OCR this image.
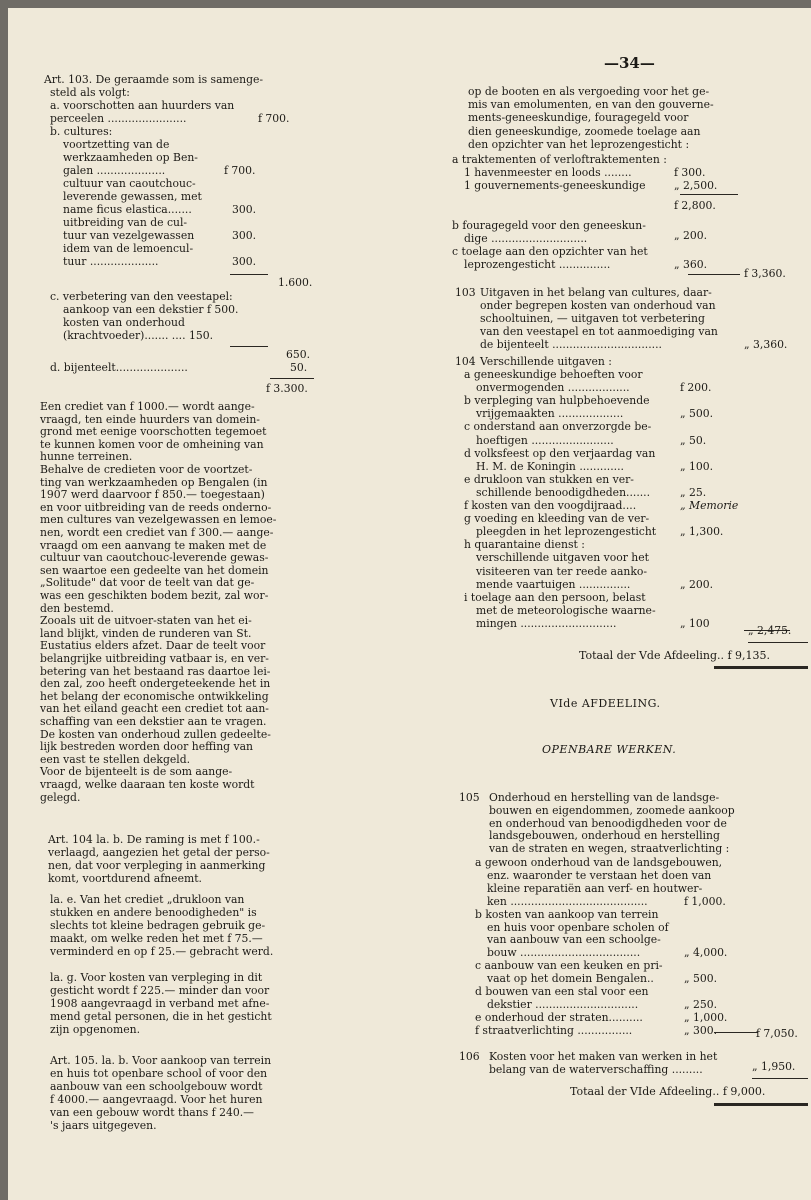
—34—
Art. 103. De geraamde som is samenge-
steld als volgt:
a. voorschotten aan huurders van
perceelen .......................	f 700.
b. cultures:
voortzetting van de
werkzaamheden op Ben-
galen ....................	f 700.
cultuur van caoutchouc-
leverende gewassen, met
name ficus elastica.......	300.
uitbreiding van de cul-
tuur van vezelgewassen	300.
idem van de lemoencul-
tuur ....................	300.
1.600.
c. verbetering van den veestapel:
aankoop van een dekstier f 500.
kosten van onderhoud
(krachtvoeder)....... .... 150.
650.
d. bijenteelt.....................	50.
f 3.300.
Een crediet van f 1000.— wordt aange-
vraagd, ten einde huurders van domein-
grond met eenige voorschotten tegemoet
te kunnen komen voor de omheining van
hunne terreinen.
Behalve de credieten voor de voortzet-
ting van werkzaamheden op Bengalen (in
1907 werd daarvoor f 850.— toegestaan)
en voor uitbreiding van de reeds onderno-
men cultures van vezelgewassen en lemoe-
nen, wordt een crediet van f 300.— aange-
vraagd om een aanvang te maken met de
cultuur van caoutchouc-leverende gewas-
sen waartoe een gedeelte van het domein
„Solitude" dat voor de teelt van dat ge-
was een geschikten bodem bezit, zal wor-
den bestemd.
Zooals uit de uitvoer-staten van het ei-
land blijkt, vinden de runderen van St.
Eustatius elders afzet. Daar de teelt voor
belangrijke uitbreiding vatbaar is, en ver-
betering van het bestaand ras daartoe lei-
den zal, zoo heeft ondergeteekende het in
het belang der economische ontwikkeling
van het eiland geacht een crediet tot aan-
schaffing van een dekstier aan te vragen.
De kosten van onderhoud zullen gedeelte-
lijk bestreden worden door heffing van
een vast te stellen dekgeld.
Voor de bijenteelt is de som aange-
vraagd, welke daaraan ten koste wordt
gelegd.
Art. 104 la. b. De raming is met f 100.-
verlaagd, aangezien het getal der perso-
nen, dat voor verpleging in aanmerking
komt, voortdurend afneemt.
la. e. Van het crediet „drukloon van
stukken en andere benoodigheden" is
slechts tot kleine bedragen gebruik ge-
maakt, om welke reden het met f 75.—
verminderd en op f 25.— gebracht werd.
la. g. Voor kosten van verpleging in dit
gesticht wordt f 225.— minder dan voor
1908 aangevraagd in verband met afne-
mend getal personen, die in het gesticht
zijn opgenomen.
Art. 105. la. b. Voor aankoop van terrein
en huis tot openbare school of voor den
aanbouw van een schoolgebouw wordt
f 4000.— aangevraagd. Voor het huren
van een gebouw wordt thans f 240.—
's jaars uitgegeven.
op de booten en als vergoeding voor het ge-
mis van emolumenten, en van den gouverne-
ments-geneeskundige, fouragegeld voor
dien geneeskundige, zoomede toelage aan
den opzichter van het leprozengesticht :
a traktementen of verloftraktementen :
1 havenmeester en loods ........	f 300.
1 gouvernements-geneeskundige	„ 2,500.
f 2,800.
b fouragegeld voor den geneeskun-
dige ............................	„ 200.
c toelage aan den opzichter van het
leprozengesticht ...............	„ 360.
f 3,360.
103 Uitgaven in het belang van cultures, daar-
onder begrepen kosten van onderhoud van
schooltuinen, — uitgaven tot verbetering
van den veestapel en tot aanmoediging van
de bijenteelt ................................	„ 3,360.
104 Verschillende uitgaven :
a geneeskundige behoeften voor
onvermogenden ..................	f 200.
b verpleging van hulpbehoevende
vrijgemaakten ...................	„ 500.
c onderstand aan onverzorgde be-
hoeftigen ........................	„ 50.
d volksfeest op den verjaardag van
H. M. de Koningin .............	„ 100.
e drukloon van stukken en ver-
schillende benoodigdheden.......	„ 25.
f kosten van den voogdijraad....	„ Memorie
g voeding en kleeding van de ver-
pleegden in het leprozengesticht „ 1,300.
h quarantaine dienst :
verschillende uitgaven voor het
visiteeren van ter reede aanko-
mende vaartuigen ...............	„ 200.
i toelage aan den persoon, belast
met de meteorologische waarne-
mingen ............................	„ 100
„ 2,475.
Totaal der Vde Afdeeling.. f 9,135.
VIde AFDEELING.
OPENBARE WERKEN.
105 Onderhoud en herstelling van de landsge-
bouwen en eigendommen, zoomede aankoop
en onderhoud van benoodigdheden voor de
landsgebouwen, onderhoud en herstelling
van de straten en wegen, straatverlichting :
a gewoon onderhoud van de landsgebouwen,
enz. waaronder te verstaan het doen van
kleine reparatiën aan verf- en houtwer-
ken ........................................	f 1,000.
b kosten van aankoop van terrein
en huis voor openbare scholen of
van aanbouw van een schoolge-
bouw ...................................	„ 4,000.
c aanbouw van een keuken en pri-
vaat op het domein Bengalen..	„ 500.
d bouwen van een stal voor een
dekstier ..............................	„ 250.
e onderhoud der straten..........	„ 1,000.
f straatverlichting ................	„ 300.	f 7,050.
106 Kosten voor het maken van werken in het
belang van de waterverschaffing .........	„ 1,950.
Totaal der VIde Afdeeling.. f 9,000.
